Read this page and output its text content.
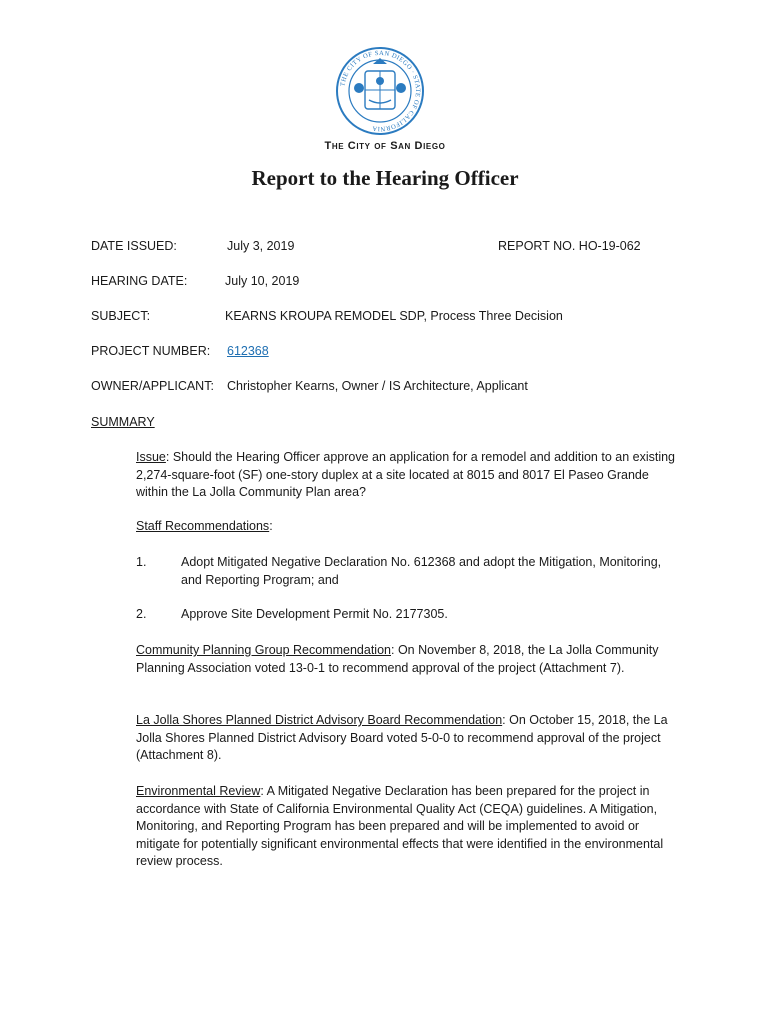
THE CITY OF SAN DIEGO · STATE OF CALIFORNIA
The City of San Diego
Report to the Hearing Officer
DATE ISSUED:	July 3, 2019	REPORT NO. HO-19-062
HEARING DATE:	July 10, 2019
SUBJECT:	KEARNS KROUPA REMODEL SDP, Process Three Decision
PROJECT NUMBER: 612368
OWNER/APPLICANT: Christopher Kearns, Owner / IS Architecture, Applicant
SUMMARY
Issue: Should the Hearing Officer approve an application for a remodel and addition to an existing 2,274-square-foot (SF) one-story duplex at a site located at 8015 and 8017 El Paseo Grande within the La Jolla Community Plan area?
Staff Recommendations:
1.	Adopt Mitigated Negative Declaration No. 612368 and adopt the Mitigation, Monitoring, and Reporting Program; and
2.	Approve Site Development Permit No. 2177305.
Community Planning Group Recommendation: On November 8, 2018, the La Jolla Community Planning Association voted 13-0-1 to recommend approval of the project (Attachment 7).
La Jolla Shores Planned District Advisory Board Recommendation: On October 15, 2018, the La Jolla Shores Planned District Advisory Board voted 5-0-0 to recommend approval of the project (Attachment 8).
Environmental Review: A Mitigated Negative Declaration has been prepared for the project in accordance with State of California Environmental Quality Act (CEQA) guidelines. A Mitigation, Monitoring, and Reporting Program has been prepared and will be implemented to avoid or mitigate for potentially significant environmental effects that were identified in the environmental review process.
